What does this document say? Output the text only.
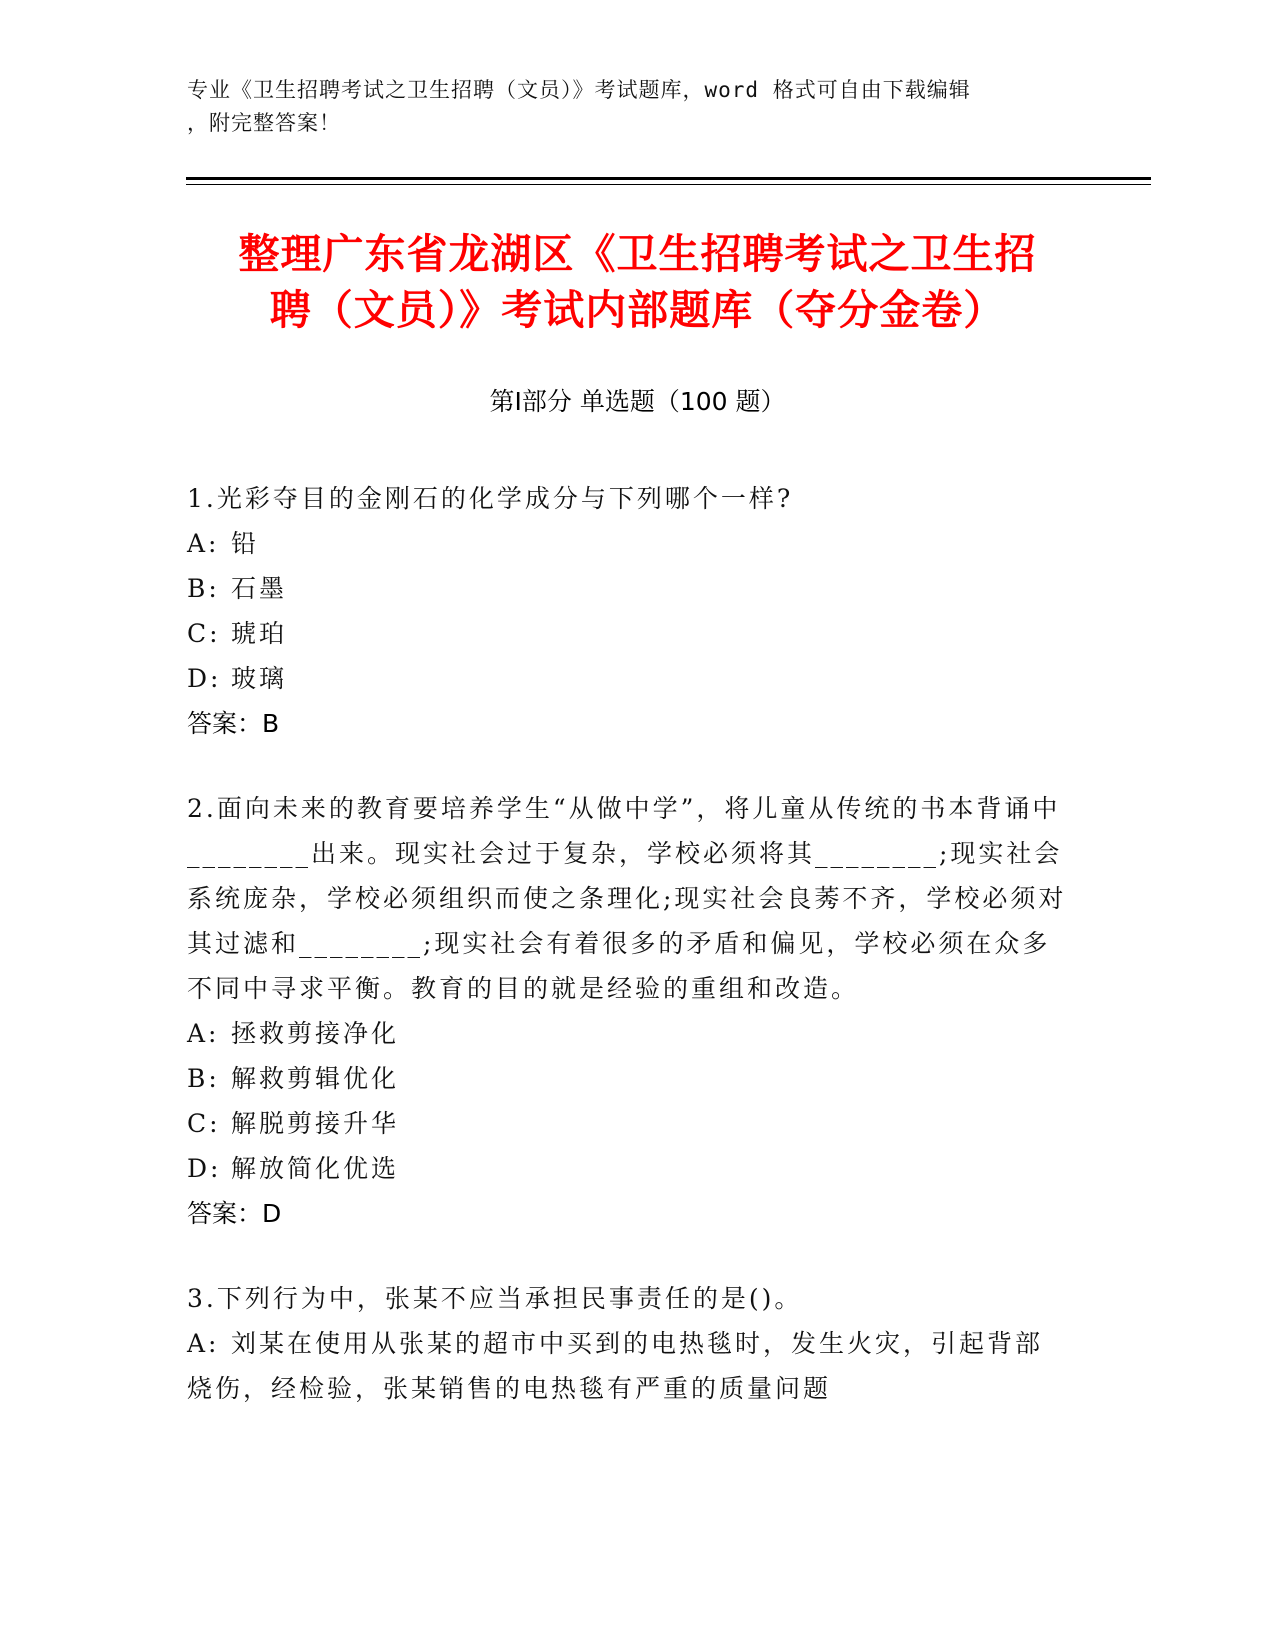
专业《卫生招聘考试之卫生招聘（文员）》考试题库，word 格式可自由下载编辑
，附完整答案！
整理广东省龙湖区《卫生招聘考试之卫生招
聘（文员）》考试内部题库（夺分金卷）
第Ⅰ部分 单选题（100 题）
1.光彩夺目的金刚石的化学成分与下列哪个一样?
A: 铅
B: 石墨
C: 琥珀
D: 玻璃
答案：B
2.面向未来的教育要培养学生“从做中学”，将儿童从传统的书本背诵中________出来。现实社会过于复杂，学校必须将其________;现实社会系统庞杂，学校必须组织而使之条理化;现实社会良莠不齐，学校必须对其过滤和________;现实社会有着很多的矛盾和偏见，学校必须在众多不同中寻求平衡。教育的目的就是经验的重组和改造。
A: 拯救剪接净化
B: 解救剪辑优化
C: 解脱剪接升华
D: 解放简化优选
答案：D
3.下列行为中，张某不应当承担民事责任的是()。
A: 刘某在使用从张某的超市中买到的电热毯时，发生火灾，引起背部烧伤，经检验，张某销售的电热毯有严重的质量问题
